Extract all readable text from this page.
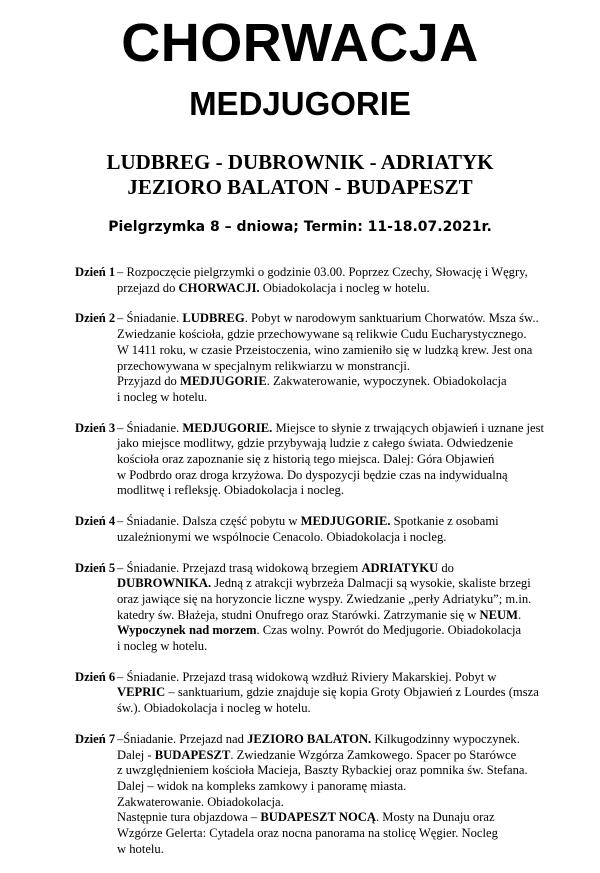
CHORWACJA
MEDJUGORIE
LUDBREG - DUBROWNIK - ADRIATYK
JEZIORO BALATON - BUDAPESZT
Pielgrzymka 8 – dniowa; Termin: 11-18.07.2021r.
Dzień 1 – Rozpoczęcie pielgrzymki o godzinie 03.00. Poprzez Czechy, Słowację i Węgry,
przejazd do CHORWACJI. Obiadokolacja i nocleg w hotelu.
Dzień 2 – Śniadanie. LUDBREG. Pobyt w narodowym sanktuarium Chorwatów. Msza św..
Zwiedzanie kościoła, gdzie przechowywane są relikwie Cudu Eucharystycznego.
W 1411 roku, w czasie Przeistoczenia, wino zamieniło się w ludzką krew. Jest ona
przechowywana w specjalnym relikwiarzu w monstrancji.
Przyjazd do MEDJUGORIE. Zakwaterowanie, wypoczynek. Obiadokolacja
i nocleg w hotelu.
Dzień 3 – Śniadanie. MEDJUGORIE. Miejsce to słynie z trwających objawień i uznane jest
jako miejsce modlitwy, gdzie przybywają ludzie z całego świata. Odwiedzenie
kościoła oraz zapoznanie się z historią tego miejsca. Dalej: Góra Objawień
w Podbrdo oraz droga krzyżowa. Do dyspozycji będzie czas na indywidualną
modlitwę i refleksję. Obiadokolacja i nocleg.
Dzień 4 – Śniadanie. Dalsza część pobytu w MEDJUGORIE. Spotkanie z osobami
uzależnionymi we wspólnocie Cenacolo. Obiadokolacja i nocleg.
Dzień 5 – Śniadanie. Przejazd trasą widokową brzegiem ADRIATYKU do
DUBROWNIKA. Jedną z atrakcji wybrzeża Dalmacji są wysokie, skaliste brzegi
oraz jawiące się na horyzoncie liczne wyspy. Zwiedzanie „perły Adriatyku”; m.in.
katedry św. Błażeja, studni Onufrego oraz Starówki. Zatrzymanie się w NEUM.
Wypoczynek nad morzem. Czas wolny. Powrót do Medjugorie. Obiadokolacja
i nocleg w hotelu.
Dzień 6 – Śniadanie. Przejazd trasą widokową wzdłuż Riviery Makarskiej. Pobyt w
VEPRIC – sanktuarium, gdzie znajduje się kopia Groty Objawień z Lourdes (msza
św.). Obiadokolacja i nocleg w hotelu.
Dzień 7 –Śniadanie. Przejazd nad JEZIORO BALATON. Kilkugodzinny wypoczynek.
Dalej - BUDAPESZT. Zwiedzanie Wzgórza Zamkowego. Spacer po Starówce
z uwzględnieniem kościoła Macieja, Baszty Rybackiej oraz pomnika św. Stefana.
Dalej – widok na kompleks zamkowy i panoramę miasta.
Zakwaterowanie. Obiadokolacja.
Następnie tura objazdowa – BUDAPESZT NOCĄ. Mosty na Dunaju oraz
Wzgórze Gelerta: Cytadela oraz nocna panorama na stolicę Węgier. Nocleg
w hotelu.
